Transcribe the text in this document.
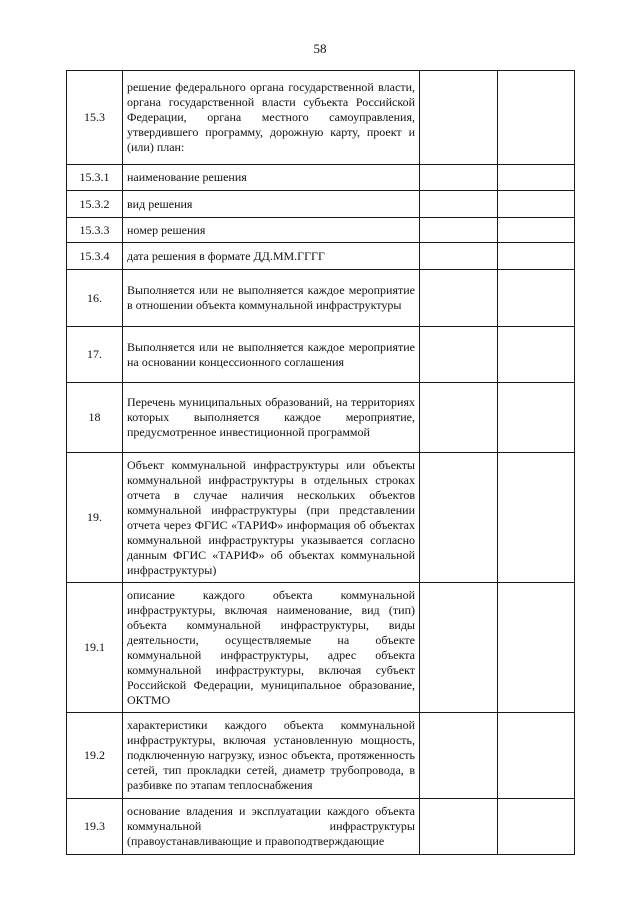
58
15.3	решение федерального органа государственной власти, органа государственной власти субъекта Российской Федерации, органа местного самоуправления, утвердившего программу, дорожную карту, проект и (или) план:		
15.3.1	наименование решения		
15.3.2	вид решения		
15.3.3	номер решения		
15.3.4	дата решения в формате ДД.ММ.ГГГГ		
16.	Выполняется или не выполняется каждое мероприятие в отношении объекта коммунальной инфраструктуры		
17.	Выполняется или не выполняется каждое мероприятие на основании концессионного соглашения		
18	Перечень муниципальных образований, на территориях которых выполняется каждое мероприятие, предусмотренное инвестиционной программой		
19.	Объект коммунальной инфраструктуры или объекты коммунальной инфраструктуры в отдельных строках отчета в случае наличия нескольких объектов коммунальной инфраструктуры (при представлении отчета через ФГИС «ТАРИФ» информация об объектах коммунальной инфраструктуры указывается согласно данным ФГИС «ТАРИФ» об объектах коммунальной инфраструктуры)		
19.1	описание каждого объекта коммунальной инфраструктуры, включая наименование, вид (тип) объекта коммунальной инфраструктуры, виды деятельности, осуществляемые на объекте коммунальной инфраструктуры, адрес объекта коммунальной инфраструктуры, включая субъект Российской Федерации, муниципальное образование, ОКТМО		
19.2	характеристики каждого объекта коммунальной инфраструктуры, включая установленную мощность, подключенную нагрузку, износ объекта, протяженность сетей, тип прокладки сетей, диаметр трубопровода, в разбивке по этапам теплоснабжения		
19.3	основание владения и эксплуатации каждого объекта коммунальной инфраструктуры (правоустанавливающие и правоподтверждающие		
